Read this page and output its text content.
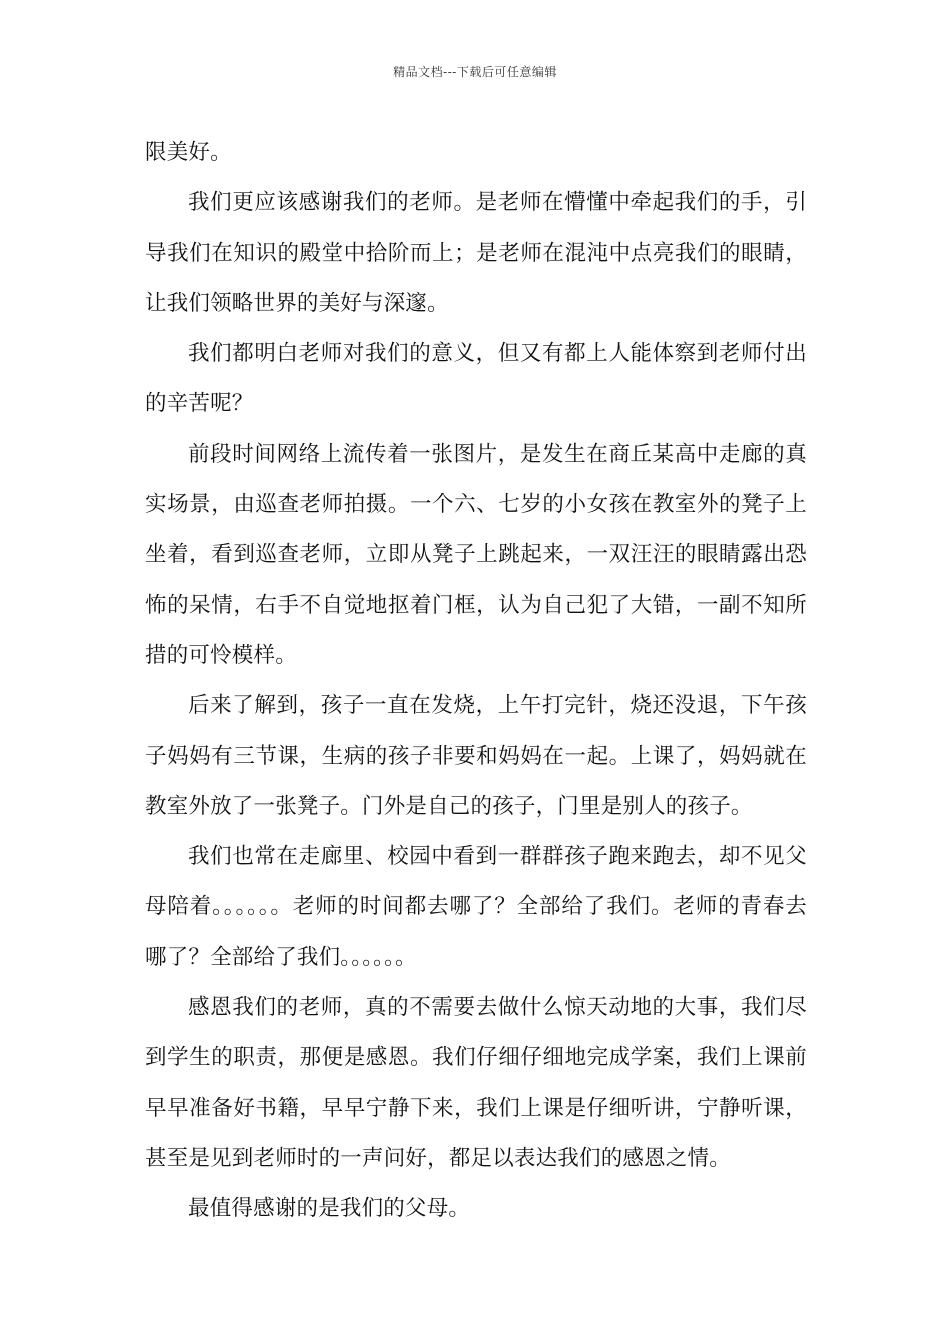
精品文档---下载后可任意编辑

限美好。

我们更应该感谢我们的老师。是老师在懵懂中牵起我们的手，引导我们在知识的殿堂中拾阶而上；是老师在混沌中点亮我们的眼睛，让我们领略世界的美好与深邃。

我们都明白老师对我们的意义，但又有都上人能体察到老师付出的辛苦呢？

前段时间网络上流传着一张图片，是发生在商丘某高中走廊的真实场景，由巡查老师拍摄。一个六、七岁的小女孩在教室外的凳子上坐着，看到巡查老师，立即从凳子上跳起来，一双汪汪的眼睛露出恐怖的呆情，右手不自觉地抠着门框，认为自己犯了大错，一副不知所措的可怜模样。

后来了解到，孩子一直在发烧，上午打完针，烧还没退，下午孩子妈妈有三节课，生病的孩子非要和妈妈在一起。上课了，妈妈就在教室外放了一张凳子。门外是自己的孩子，门里是别人的孩子。

我们也常在走廊里、校园中看到一群群孩子跑来跑去，却不见父母陪着。。。。。。老师的时间都去哪了？全部给了我们。老师的青春去哪了？全部给了我们。。。。。。

感恩我们的老师，真的不需要去做什么惊天动地的大事，我们尽到学生的职责，那便是感恩。我们仔细仔细地完成学案，我们上课前早早准备好书籍，早早宁静下来，我们上课是仔细听讲，宁静听课，甚至是见到老师时的一声问好，都足以表达我们的感恩之情。

最值得感谢的是我们的父母。
